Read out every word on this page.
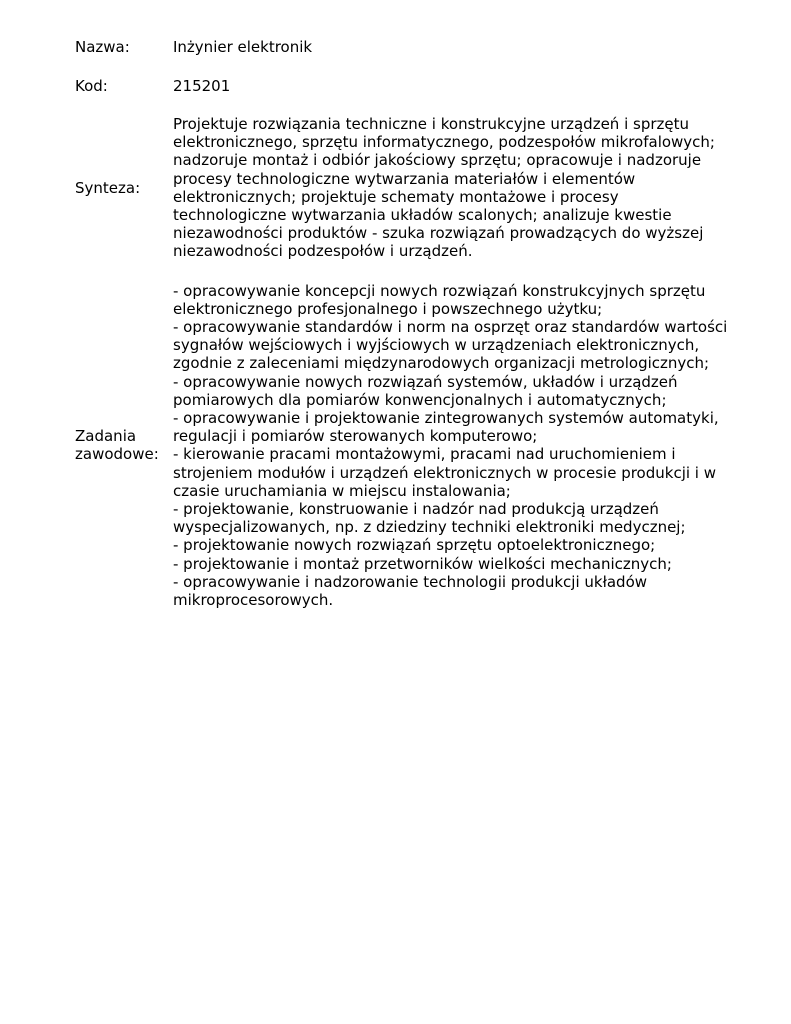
Nazwa:	Inżynier elektronik
Kod:	215201
Synteza:
Projektuje rozwiązania techniczne i konstrukcyjne urządzeń i sprzętu
elektronicznego, sprzętu informatycznego, podzespołów mikrofalowych;
nadzoruje montaż i odbiór jakościowy sprzętu; opracowuje i nadzoruje
procesy technologiczne wytwarzania materiałów i elementów
elektronicznych; projektuje schematy montażowe i procesy
technologiczne wytwarzania układów scalonych; analizuje kwestie
niezawodności produktów - szuka rozwiązań prowadzących do wyższej
niezawodności podzespołów i urządzeń.
Zadania
zawodowe:
- opracowywanie koncepcji nowych rozwiązań konstrukcyjnych sprzętu
elektronicznego profesjonalnego i powszechnego użytku;
- opracowywanie standardów i norm na osprzęt oraz standardów wartości
sygnałów wejściowych i wyjściowych w urządzeniach elektronicznych,
zgodnie z zaleceniami międzynarodowych organizacji metrologicznych;
- opracowywanie nowych rozwiązań systemów, układów i urządzeń
pomiarowych dla pomiarów konwencjonalnych i automatycznych;
- opracowywanie i projektowanie zintegrowanych systemów automatyki,
regulacji i pomiarów sterowanych komputerowo;
- kierowanie pracami montażowymi, pracami nad uruchomieniem i
strojeniem modułów i urządzeń elektronicznych w procesie produkcji i w
czasie uruchamiania w miejscu instalowania;
- projektowanie, konstruowanie i nadzór nad produkcją urządzeń
wyspecjalizowanych, np. z dziedziny techniki elektroniki medycznej;
- projektowanie nowych rozwiązań sprzętu optoelektronicznego;
- projektowanie i montaż przetworników wielkości mechanicznych;
- opracowywanie i nadzorowanie technologii produkcji układów
mikroprocesorowych.
